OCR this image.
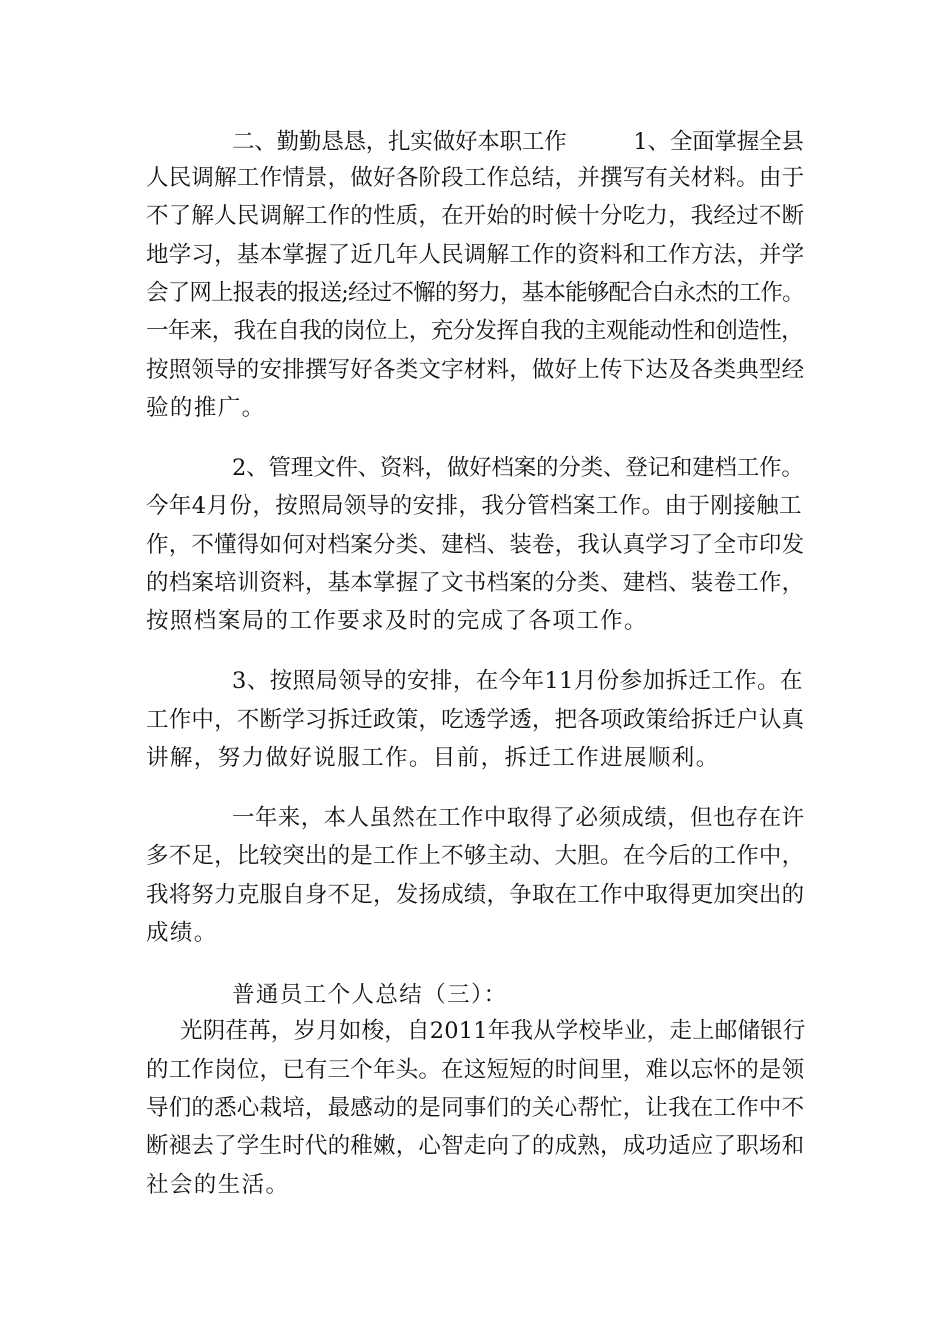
二、勤勤恳恳，扎实做好本职工作　　　1、全面掌握全县
人民调解工作情景，做好各阶段工作总结，并撰写有关材料。由于
不了解人民调解工作的性质，在开始的时候十分吃力，我经过不断
地学习，基本掌握了近几年人民调解工作的资料和工作方法，并学
会了网上报表的报送;经过不懈的努力，基本能够配合白永杰的工作。
一年来，我在自我的岗位上，充分发挥自我的主观能动性和创造性，
按照领导的安排撰写好各类文字材料，做好上传下达及各类典型经
验的推广。
2、管理文件、资料，做好档案的分类、登记和建档工作。
今年4月份，按照局领导的安排，我分管档案工作。由于刚接触工
作，不懂得如何对档案分类、建档、装卷，我认真学习了全市印发
的档案培训资料，基本掌握了文书档案的分类、建档、装卷工作，
按照档案局的工作要求及时的完成了各项工作。
3、按照局领导的安排，在今年11月份参加拆迁工作。在
工作中，不断学习拆迁政策，吃透学透，把各项政策给拆迁户认真
讲解，努力做好说服工作。目前，拆迁工作进展顺利。
一年来，本人虽然在工作中取得了必须成绩，但也存在许
多不足，比较突出的是工作上不够主动、大胆。在今后的工作中，
我将努力克服自身不足，发扬成绩，争取在工作中取得更加突出的
成绩。
普通员工个人总结（三）：
光阴荏苒，岁月如梭，自2011年我从学校毕业，走上邮储银行
的工作岗位，已有三个年头。在这短短的时间里，难以忘怀的是领
导们的悉心栽培，最感动的是同事们的关心帮忙，让我在工作中不
断褪去了学生时代的稚嫩，心智走向了的成熟，成功适应了职场和
社会的生活。
